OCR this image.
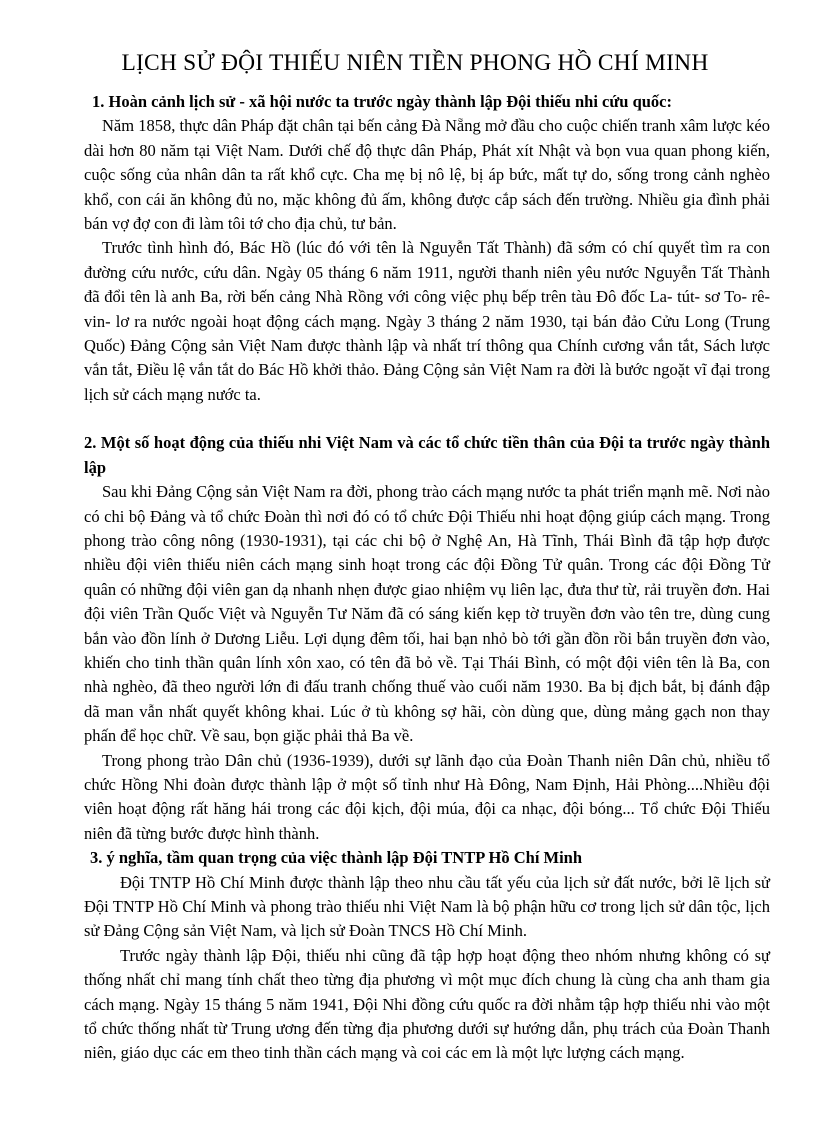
LỊCH SỬ ĐỘI THIẾU NIÊN TIỀN PHONG HỒ CHÍ MINH

1. Hoàn cảnh lịch sử - xã hội nước ta trước ngày thành lập Đội thiếu nhi cứu quốc:

Năm 1858, thực dân Pháp đặt chân tại bến cảng Đà Nẵng mở đầu cho cuộc chiến tranh xâm lược kéo dài hơn 80 năm tại Việt Nam. Dưới chế độ thực dân Pháp, Phát xít Nhật và bọn vua quan phong kiến, cuộc sống của nhân dân ta rất khổ cực. Cha mẹ bị nô lệ, bị áp bức, mất tự do, sống trong cảnh nghèo khổ, con cái ăn không đủ no, mặc không đủ ấm, không được cắp sách đến trường. Nhiều gia đình phải bán vợ đợ con đi làm tôi tớ cho địa chủ, tư bản.

Trước tình hình đó, Bác Hồ (lúc đó với tên là Nguyễn Tất Thành) đã sớm có chí quyết tìm ra con đường cứu nước, cứu dân. Ngày 05 tháng 6 năm 1911, người thanh niên yêu nước Nguyễn Tất Thành đã đổi tên là anh Ba, rời bến cảng Nhà Rồng với công việc phụ bếp trên tàu Đô đốc La- tút- sơ To- rê- vin- lơ ra nước ngoài hoạt động cách mạng. Ngày 3 tháng 2 năm 1930, tại bán đảo Cửu Long (Trung Quốc) Đảng Cộng sản Việt Nam được thành lập và nhất trí thông qua Chính cương vắn tắt, Sách lược vắn tắt, Điều lệ vắn tắt do Bác Hồ khởi thảo. Đảng Cộng sản Việt Nam ra đời là bước ngoặt vĩ đại trong lịch sử cách mạng nước ta.

2. Một số hoạt động của thiếu nhi Việt Nam và các tổ chức tiền thân của Đội ta trước ngày thành lập

Sau khi Đảng Cộng sản Việt Nam ra đời, phong trào cách mạng nước ta phát triển mạnh mẽ. Nơi nào có chi bộ Đảng và tổ chức Đoàn thì nơi đó có tổ chức Đội Thiếu nhi hoạt động giúp cách mạng. Trong phong trào công nông (1930-1931), tại các chi bộ ở Nghệ An, Hà Tĩnh, Thái Bình đã tập hợp được nhiều đội viên thiếu niên cách mạng sinh hoạt trong các đội Đồng Tử quân. Trong các đội Đồng Tử quân có những đội viên gan dạ nhanh nhẹn được giao nhiệm vụ liên lạc, đưa thư từ, rải truyền đơn. Hai đội viên Trần Quốc Việt và Nguyễn Tư Năm đã có sáng kiến kẹp tờ truyền đơn vào tên tre, dùng cung bắn vào đồn lính ở Dương Liễu. Lợi dụng đêm tối, hai bạn nhỏ bò tới gần đồn rồi bắn truyền đơn vào, khiến cho tinh thần quân lính xôn xao, có tên đã bỏ về. Tại Thái Bình, có một đội viên tên là Ba, con nhà nghèo, đã theo người lớn đi đấu tranh chống thuế vào cuối năm 1930. Ba bị địch bắt, bị đánh đập dã man vẫn nhất quyết không khai. Lúc ở tù không sợ hãi, còn dùng que, dùng mảng gạch non thay phấn để học chữ. Về sau, bọn giặc phải thả Ba về.

Trong phong trào Dân chủ (1936-1939), dưới sự lãnh đạo của Đoàn Thanh niên Dân chủ, nhiều tổ chức Hồng Nhi đoàn được thành lập ở một số tỉnh như Hà Đông, Nam Định, Hải Phòng....Nhiều đội viên hoạt động rất hăng hái trong các đội kịch, đội múa, đội ca nhạc, đội bóng... Tổ chức Đội Thiếu niên đã từng bước được hình thành.

3. ý nghĩa, tầm quan trọng của việc thành lập Đội TNTP Hồ Chí Minh

Đội TNTP Hồ Chí Minh được thành lập theo nhu cầu tất yếu của lịch sử đất nước, bởi lẽ lịch sử Đội TNTP Hồ Chí Minh và phong trào thiếu nhi Việt Nam là bộ phận hữu cơ trong lịch sử dân tộc, lịch sử Đảng Cộng sản Việt Nam, và lịch sử Đoàn TNCS Hồ Chí Minh.

Trước ngày thành lập Đội, thiếu nhi cũng đã tập hợp hoạt động theo nhóm nhưng không có sự thống nhất chỉ mang tính chất theo từng địa phương vì một mục đích chung là cùng cha anh tham gia cách mạng. Ngày 15 tháng 5 năm 1941, Đội Nhi đồng cứu quốc ra đời nhằm tập hợp thiếu nhi vào một tổ chức thống nhất từ Trung ương đến từng địa phương dưới sự hướng dẫn, phụ trách của Đoàn Thanh niên, giáo dục các em theo tinh thần cách mạng và coi các em là một lực lượng cách mạng.
